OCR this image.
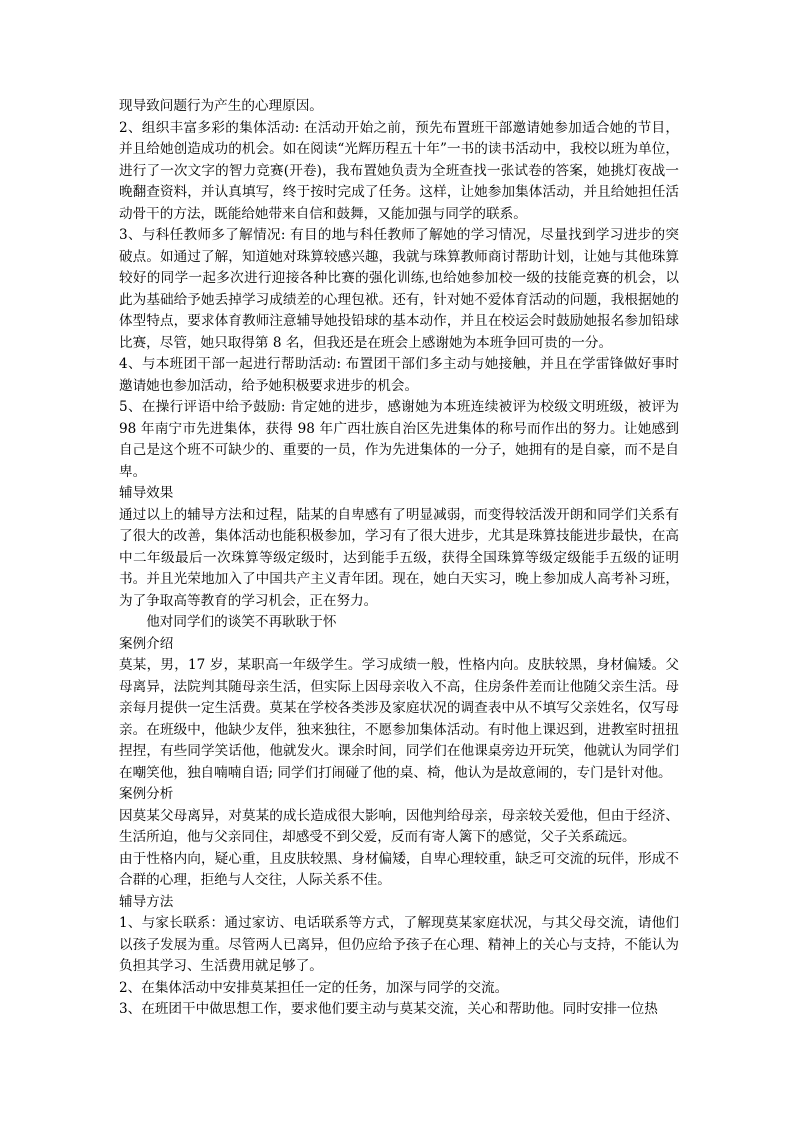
现导致问题行为产生的心理原因。

2、组织丰富多彩的集体活动: 在活动开始之前，预先布置班干部邀请她参加适合她的节目，并且给她创造成功的机会。如在阅读“光辉历程五十年”一书的读书活动中，我校以班为单位，进行了一次文字的智力竞赛(开卷)，我布置她负责为全班查找一张试卷的答案，她挑灯夜战一晚翻查资料，并认真填写，终于按时完成了任务。这样，让她参加集体活动，并且给她担任活动骨干的方法，既能给她带来自信和鼓舞，又能加强与同学的联系。

3、与科任教师多了解情况: 有目的地与科任教师了解她的学习情况，尽量找到学习进步的突破点。如通过了解，知道她对珠算较感兴趣，我就与珠算教师商讨帮助计划，让她与其他珠算较好的同学一起多次进行迎接各种比赛的强化训练,也给她参加校一级的技能竞赛的机会，以此为基础给予她丢掉学习成绩差的心理包袱。还有，针对她不爱体育活动的问题，我根据她的体型特点，要求体育教师注意辅导她投铅球的基本动作，并且在校运会时鼓励她报名参加铅球比赛，尽管，她只取得第 8 名，但我还是在班会上感谢她为本班争回可贵的一分。

4、与本班团干部一起进行帮助活动: 布置团干部们多主动与她接触，并且在学雷锋做好事时邀请她也参加活动，给予她积极要求进步的机会。

5、在操行评语中给予鼓励: 肯定她的进步，感谢她为本班连续被评为校级文明班级，被评为 98 年南宁市先进集体，获得 98 年广西壮族自治区先进集体的称号而作出的努力。让她感到自己是这个班不可缺少的、重要的一员，作为先进集体的一分子，她拥有的是自豪，而不是自卑。

辅导效果

通过以上的辅导方法和过程，陆某的自卑感有了明显减弱，而变得较活泼开朗和同学们关系有了很大的改善，集体活动也能积极参加，学习有了很大进步，尤其是珠算技能进步最快，在高中二年级最后一次珠算等级定级时，达到能手五级，获得全国珠算等级定级能手五级的证明书。并且光荣地加入了中国共产主义青年团。现在，她白天实习，晚上参加成人高考补习班，为了争取高等教育的学习机会，正在努力。

他对同学们的谈笑不再耿耿于怀

案例介绍

莫某，男，17 岁，某职高一年级学生。学习成绩一般，性格内向。皮肤较黑，身材偏矮。父母离异，法院判其随母亲生活，但实际上因母亲收入不高，住房条件差而让他随父亲生活。母亲每月提供一定生活费。莫某在学校各类涉及家庭状况的调查表中从不填写父亲姓名，仅写母亲。在班级中，他缺少友伴，独来独往，不愿参加集体活动。有时他上课迟到，进教室时扭扭捏捏，有些同学笑话他，他就发火。课余时间，同学们在他课桌旁边开玩笑，他就认为同学们在嘲笑他，独自喃喃自语; 同学们打闹碰了他的桌、椅，他认为是故意闹的，专门是针对他。

案例分析

因莫某父母离异，对莫某的成长造成很大影响，因他判给母亲，母亲较关爱他，但由于经济、生活所迫，他与父亲同住，却感受不到父爱，反而有寄人篱下的感觉，父子关系疏远。

由于性格内向，疑心重，且皮肤较黑、身材偏矮，自卑心理较重，缺乏可交流的玩伴，形成不合群的心理，拒绝与人交往，人际关系不佳。

辅导方法

1、与家长联系：通过家访、电话联系等方式，了解现莫某家庭状况，与其父母交流，请他们以孩子发展为重。尽管两人已离异，但仍应给予孩子在心理、精神上的关心与支持，不能认为负担其学习、生活费用就足够了。

2、在集体活动中安排莫某担任一定的任务，加深与同学的交流。

3、在班团干中做思想工作，要求他们要主动与莫某交流，关心和帮助他。同时安排一位热
